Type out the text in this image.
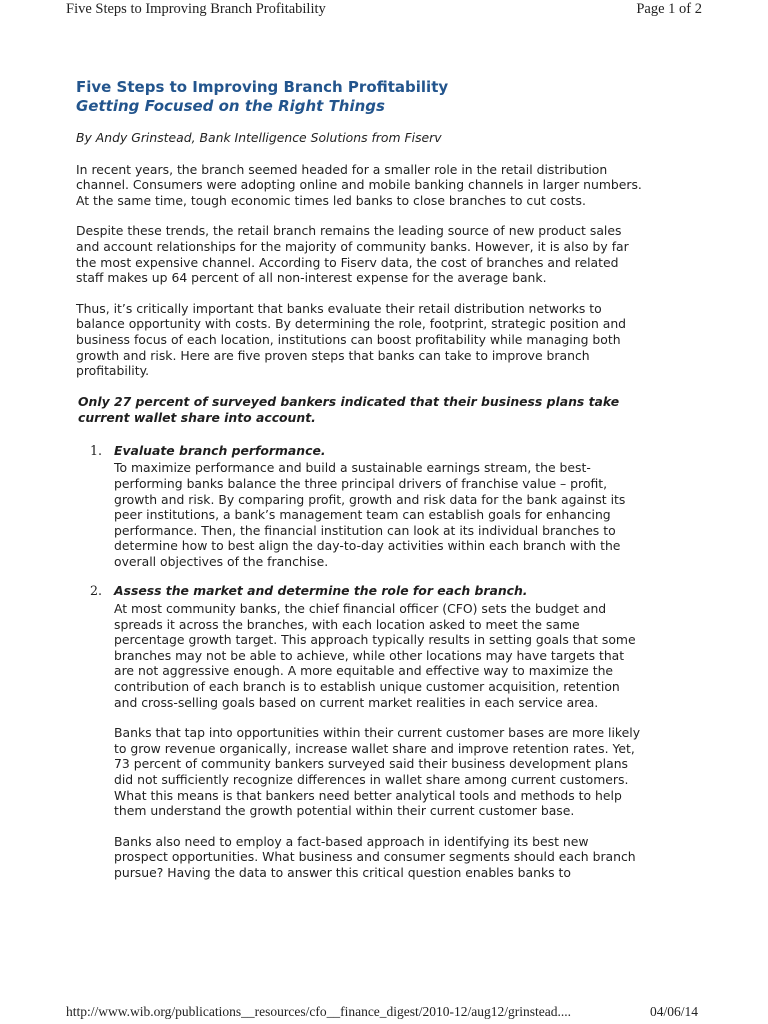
Five Steps to Improving Branch Profitability	Page 1 of 2
Five Steps to Improving Branch Profitability
Getting Focused on the Right Things

By Andy Grinstead, Bank Intelligence Solutions from Fiserv

In recent years, the branch seemed headed for a smaller role in the retail distribution channel. Consumers were adopting online and mobile banking channels in larger numbers. At the same time, tough economic times led banks to close branches to cut costs.

Despite these trends, the retail branch remains the leading source of new product sales and account relationships for the majority of community banks. However, it is also by far the most expensive channel. According to Fiserv data, the cost of branches and related staff makes up 64 percent of all non-interest expense for the average bank.

Thus, it’s critically important that banks evaluate their retail distribution networks to balance opportunity with costs. By determining the role, footprint, strategic position and business focus of each location, institutions can boost profitability while managing both growth and risk. Here are five proven steps that banks can take to improve branch profitability.

Only 27 percent of surveyed bankers indicated that their business plans take current wallet share into account.
1. Evaluate branch performance.

To maximize performance and build a sustainable earnings stream, the best-performing banks balance the three principal drivers of franchise value – profit, growth and risk. By comparing profit, growth and risk data for the bank against its peer institutions, a bank’s management team can establish goals for enhancing performance. Then, the financial institution can look at its individual branches to determine how to best align the day-to-day activities within each branch with the overall objectives of the franchise.

2. Assess the market and determine the role for each branch.

At most community banks, the chief financial officer (CFO) sets the budget and spreads it across the branches, with each location asked to meet the same percentage growth target. This approach typically results in setting goals that some branches may not be able to achieve, while other locations may have targets that are not aggressive enough. A more equitable and effective way to maximize the contribution of each branch is to establish unique customer acquisition, retention and cross-selling goals based on current market realities in each service area.

Banks that tap into opportunities within their current customer bases are more likely to grow revenue organically, increase wallet share and improve retention rates. Yet, 73 percent of community bankers surveyed said their business development plans did not sufficiently recognize differences in wallet share among current customers. What this means is that bankers need better analytical tools and methods to help them understand the growth potential within their current customer base.

Banks also need to employ a fact-based approach in identifying its best new prospect opportunities. What business and consumer segments should each branch pursue? Having the data to answer this critical question enables banks to

http://www.wib.org/publications__resources/cfo__finance_digest/2010-12/aug12/grinstead....	04/06/14
